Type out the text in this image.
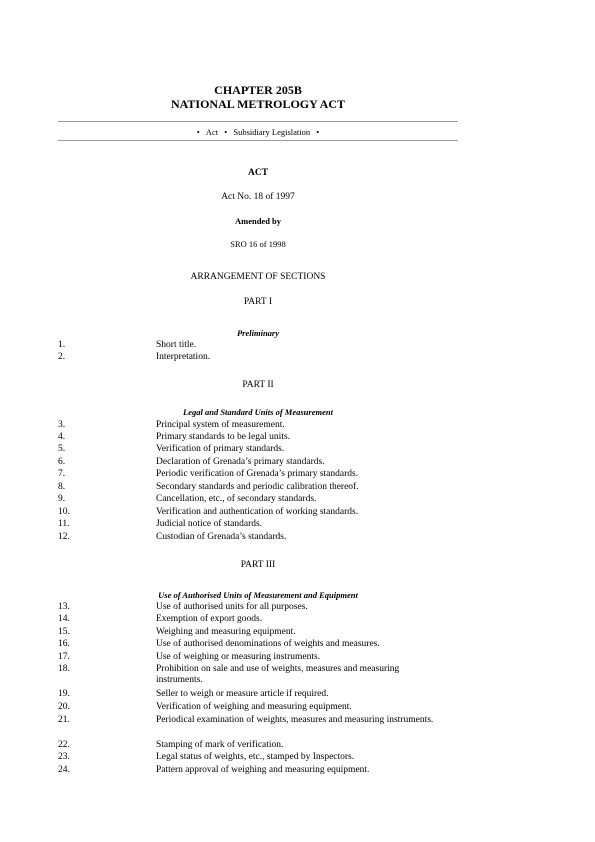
CHAPTER 205B
NATIONAL METROLOGY ACT
• Act • Subsidiary Legislation •
ACT
Act No. 18 of 1997
Amended by
SRO 16 of 1998
ARRANGEMENT OF SECTIONS
PART I
Preliminary
1.	Short title.
2.	Interpretation.
PART II
Legal and Standard Units of Measurement
3.	Principal system of measurement.
4.	Primary standards to be legal units.
5.	Verification of primary standards.
6.	Declaration of Grenada’s primary standards.
7.	Periodic verification of Grenada’s primary standards.
8.	Secondary standards and periodic calibration thereof.
9.	Cancellation, etc., of secondary standards.
10.	Verification and authentication of working standards.
11.	Judicial notice of standards.
12.	Custodian of Grenada’s standards.
PART III
Use of Authorised Units of Measurement and Equipment
13.	Use of authorised units for all purposes.
14.	Exemption of export goods.
15.	Weighing and measuring equipment.
16.	Use of authorised denominations of weights and measures.
17.	Use of weighing or measuring instruments.
18.	Prohibition on sale and use of weights, measures and measuring instruments.
19.	Seller to weigh or measure article if required.
20.	Verification of weighing and measuring equipment.
21.	Periodical examination of weights, measures and measuring instruments.
22.	Stamping of mark of verification.
23.	Legal status of weights, etc., stamped by Inspectors.
24.	Pattern approval of weighing and measuring equipment.
